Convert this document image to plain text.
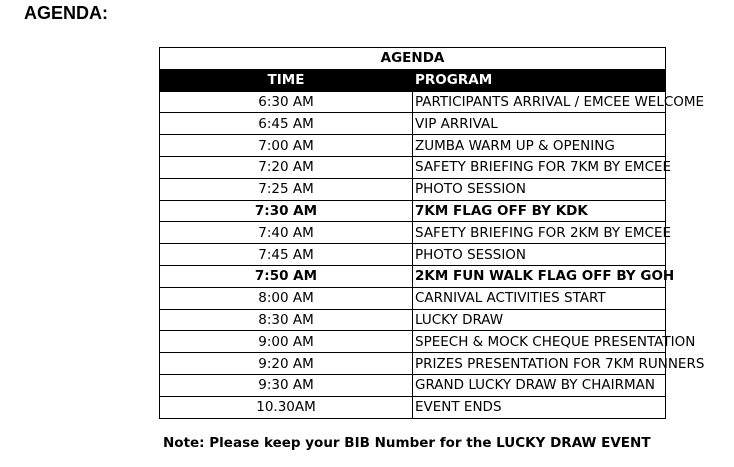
AGENDA:
AGENDA	
TIME	PROGRAM
6:30 AM	PARTICIPANTS ARRIVAL / EMCEE WELCOME
6:45 AM	VIP ARRIVAL
7:00 AM	ZUMBA WARM UP & OPENING
7:20 AM	SAFETY BRIEFING FOR 7KM BY EMCEE
7:25 AM	PHOTO SESSION
7:30 AM	7KM FLAG OFF BY KDK
7:40 AM	SAFETY BRIEFING FOR 2KM BY EMCEE
7:45 AM	PHOTO SESSION
7:50 AM	2KM FUN WALK FLAG OFF BY GOH
8:00 AM	CARNIVAL ACTIVITIES START
8:30 AM	LUCKY DRAW
9:00 AM	SPEECH & MOCK CHEQUE PRESENTATION
9:20 AM	PRIZES PRESENTATION FOR 7KM RUNNERS
9:30 AM	GRAND LUCKY DRAW BY CHAIRMAN
10.30AM	EVENT ENDS
Note: Please keep your BIB Number for the LUCKY DRAW EVENT
